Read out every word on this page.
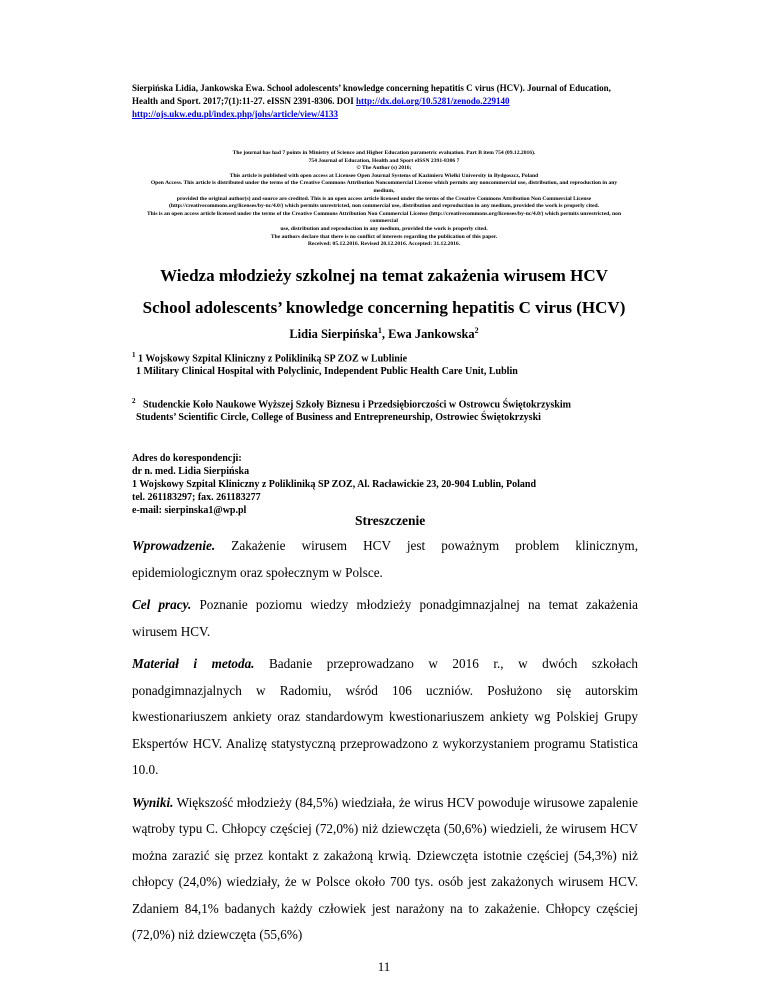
Sierpińska Lidia, Jankowska Ewa. School adolescents’ knowledge concerning hepatitis C virus (HCV). Journal of Education, Health and Sport. 2017;7(1):11-27. eISSN 2391-8306. DOI http://dx.doi.org/10.5281/zenodo.229140
http://ojs.ukw.edu.pl/index.php/johs/article/view/4133
The journal has had 7 points in Ministry of Science and Higher Education parametric evaluation. Part B item 754 (09.12.2016).
754 Journal of Education, Health and Sport eISSN 2391-8306 7
© The Author (s) 2016;
This article is published with open access at Licensee Open Journal Systems of Kazimierz Wielki University in Bydgoszcz, Poland
Open Access. This article is distributed under the terms of the Creative Commons Attribution Noncommercial License which permits any noncommercial use, distribution, and reproduction in any
medium,
provided the original author(s) and source are credited. This is an open access article licensed under the terms of the Creative Commons Attribution Non Commercial License
(http://creativecommons.org/licenses/by-nc/4.0/) which permits unrestricted, non commercial use, distribution and reproduction in any medium, provided the work is properly cited.
This is an open access article licensed under the terms of the Creative Commons Attribution Non Commercial License (http://creativecommons.org/licenses/by-nc/4.0/) which permits unrestricted, non
commercial
use, distribution and reproduction in any medium, provided the work is properly cited.
The authors declare that there is no conflict of interests regarding the publication of this paper.
Received: 05.12.2016. Revised 20.12.2016. Accepted: 31.12.2016.
Wiedza młodzieży szkolnej na temat zakażenia wirusem HCV
School adolescents’ knowledge concerning hepatitis C virus (HCV)
Lidia Sierpińska$^1$, Ewa Jankowska$^2$
$^1$ 1 Wojskowy Szpital Kliniczny z Polikliniką SP ZOZ w Lublinie
1 Military Clinical Hospital with Polyclinic, Independent Public Health Care Unit, Lublin
$^2$ Studenckie Koło Naukowe Wyższej Szkoły Biznesu i Przedsiębiorczości w Ostrowcu Świętokrzyskim
Students’ Scientific Circle, College of Business and Entrepreneurship, Ostrowiec Świętokrzyski
Adres do korespondencji:
dr n. med. Lidia Sierpińska
1 Wojskowy Szpital Kliniczny z Polikliniką SP ZOZ, Al. Racławickie 23, 20-904 Lublin, Poland
tel. 261183297; fax. 261183277
e-mail: sierpinska1@wp.pl
Streszczenie

Wprowadzenie. Zakażenie wirusem HCV jest poważnym problem klinicznym, epidemiologicznym oraz społecznym w Polsce.

Cel pracy. Poznanie poziomu wiedzy młodzieży ponadgimnazjalnej na temat zakażenia wirusem HCV.

Materiał i metoda. Badanie przeprowadzano w 2016 r., w dwóch szkołach ponadgimnazjalnych w Radomiu, wśród 106 uczniów. Posłużono się autorskim kwestionariuszem ankiety oraz standardowym kwestionariuszem ankiety wg Polskiej Grupy Ekspertów HCV. Analizę statystyczną przeprowadzono z wykorzystaniem programu Statistica 10.0.

Wyniki. Większość młodzieży (84,5%) wiedziała, że wirus HCV powoduje wirusowe zapalenie wątroby typu C. Chłopcy częściej (72,0%) niż dziewczęta (50,6%) wiedzieli, że wirusem HCV można zarazić się przez kontakt z zakażoną krwią. Dziewczęta istotnie częściej (54,3%) niż chłopcy (24,0%) wiedziały, że w Polsce około 700 tys. osób jest zakażonych wirusem HCV. Zdaniem 84,1% badanych każdy człowiek jest narażony na to zakażenie. Chłopcy częściej (72,0%) niż dziewczęta (55,6%)

11
